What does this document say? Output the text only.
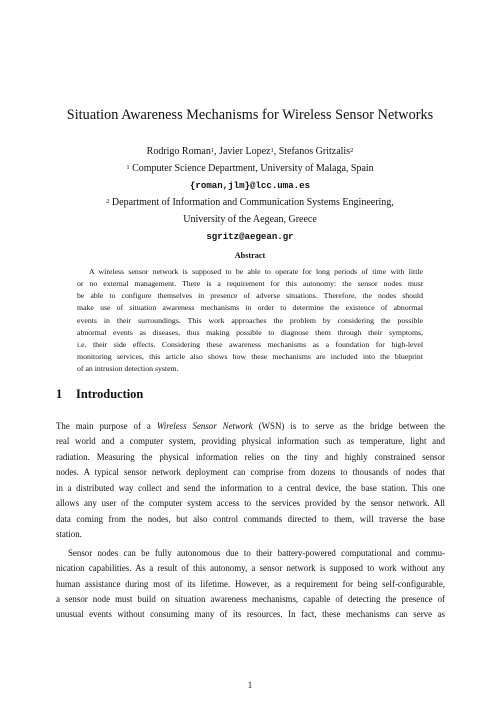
Situation Awareness Mechanisms for Wireless Sensor Networks
Rodrigo Roman$^1$, Javier Lopez$^1$, Stefanos Gritzalis$^2$
$^1$ Computer Science Department, University of Malaga, Spain
{roman,jlm}@lcc.uma.es
$^2$ Department of Information and Communication Systems Engineering,
University of the Aegean, Greece
sgritz@aegean.gr
Abstract
A wireless sensor network is supposed to be able to operate for long periods of time with little
or no external management. There is a requirement for this autonomy: the sensor nodes must
be able to configure themselves in presence of adverse situations. Therefore, the nodes should
make use of situation awareness mechanisms in order to determine the existence of abnormal
events in their surroundings. This work approaches the problem by considering the possible
abnormal events as diseases, thus making possible to diagnose them through their symptoms,
i.e. their side effects. Considering these awareness mechanisms as a foundation for high-level
monitoring services, this article also shows how these mechanisms are included into the blueprint
of an intrusion detection system.
1 Introduction
The main purpose of a Wireless Sensor Network (WSN) is to serve as the bridge between the
real world and a computer system, providing physical information such as temperature, light and
radiation. Measuring the physical information relies on the tiny and highly constrained sensor
nodes. A typical sensor network deployment can comprise from dozens to thousands of nodes that
in a distributed way collect and send the information to a central device, the base station. This one
allows any user of the computer system access to the services provided by the sensor network. All
data coming from the nodes, but also control commands directed to them, will traverse the base
station.
Sensor nodes can be fully autonomous due to their battery-powered computational and commu-
nication capabilities. As a result of this autonomy, a sensor network is supposed to work without any
human assistance during most of its lifetime. However, as a requirement for being self-configurable,
a sensor node must build on situation awareness mechanisms, capable of detecting the presence of
unusual events without consuming many of its resources. In fact, these mechanisms can serve as
1
